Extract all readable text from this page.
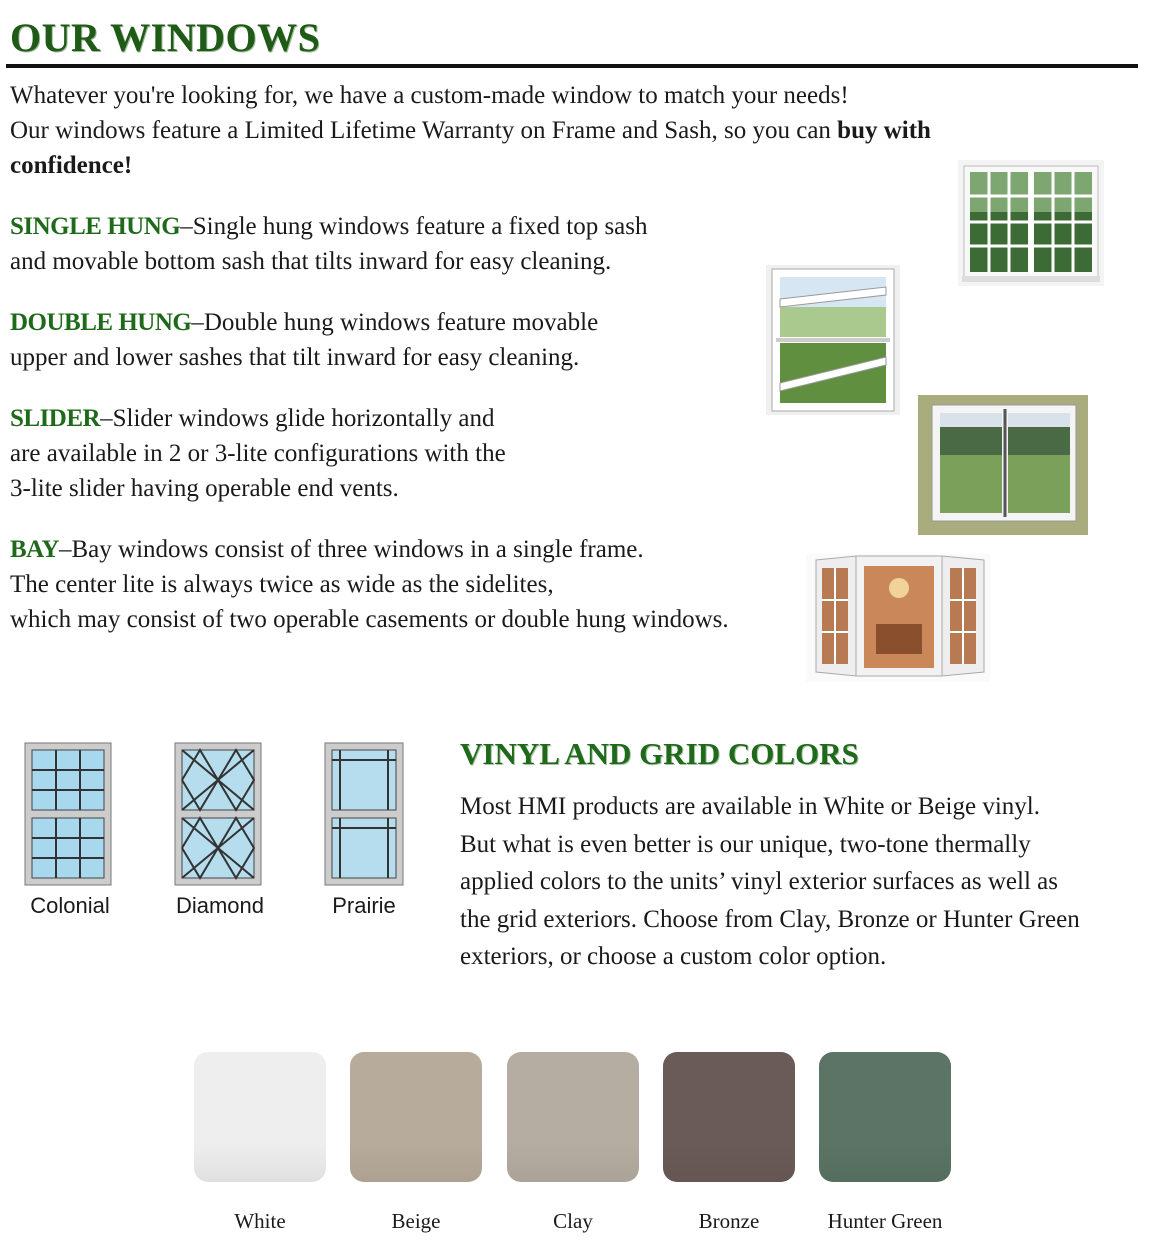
OUR WINDOWS
Whatever you're looking for, we have a custom-made window to match your needs!
Our windows feature a Limited Lifetime Warranty on Frame and Sash, so you can buy with
confidence!
SINGLE HUNG–Single hung windows feature a fixed top sash
and movable bottom sash that tilts inward for easy cleaning.
DOUBLE HUNG–Double hung windows feature movable
upper and lower sashes that tilt inward for easy cleaning.
SLIDER–Slider windows glide horizontally and
are available in 2 or 3-lite configurations with the
3-lite slider having operable end vents.
BAY–Bay windows consist of three windows in a single frame.
The center lite is always twice as wide as the sidelites,
which may consist of two operable casements or double hung windows.
Colonial	Diamond	Prairie
VINYL AND GRID COLORS
Most HMI products are available in White or Beige vinyl.
But what is even better is our unique, two-tone thermally
applied colors to the units’ vinyl exterior surfaces as well as
the grid exteriors. Choose from Clay, Bronze or Hunter Green
exteriors, or choose a custom color option.
White	Beige	Clay	Bronze	Hunter Green
